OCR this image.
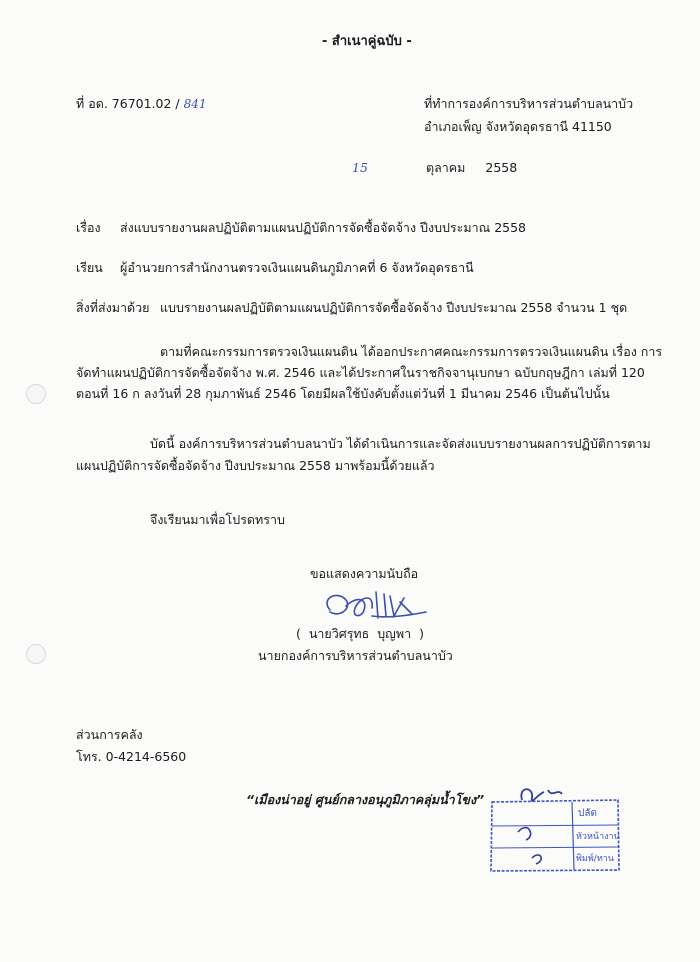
- สำเนาคู่ฉบับ -
ที่ อด. 76701.02 / 841	ที่ทำการองค์การบริหารส่วนตำบลนาบัว
อำเภอเพ็ญ จังหวัดอุดรธานี 41150
15	ตุลาคม 2558
เรื่อง ส่งแบบรายงานผลปฏิบัติตามแผนปฏิบัติการจัดซื้อจัดจ้าง ปีงบประมาณ 2558
เรียน ผู้อำนวยการสำนักงานตรวจเงินแผนดินภูมิภาคที่ 6 จังหวัดอุดรธานี
สิ่งที่ส่งมาด้วย แบบรายงานผลปฏิบัติตามแผนปฏิบัติการจัดซื้อจัดจ้าง ปีงบประมาณ 2558 จำนวน 1 ชุด
ตามที่คณะกรรมการตรวจเงินแผนดิน ได้ออกประกาศคณะกรรมการตรวจเงินแผนดิน เรื่อง การ
จัดทำแผนปฏิบัติการจัดซื้อจัดจ้าง พ.ศ. 2546 และได้ประกาศในราชกิจจานุเบกษา ฉบับกฤษฎีกา เล่มที่ 120
ตอนที่ 16 ก ลงวันที่ 28 กุมภาพันธ์ 2546 โดยมีผลใช้บังคับตั้งแต่วันที่ 1 มีนาคม 2546 เป็นต้นไปนั้น
บัดนี้ องค์การบริหารส่วนตำบลนาบัว ได้ดำเนินการและจัดส่งแบบรายงานผลการปฏิบัติการตาม
แผนปฏิบัติการจัดซื้อจัดจ้าง ปีงบประมาณ 2558 มาพร้อมนี้ด้วยแล้ว
จึงเรียนมาเพื่อโปรดทราบ
ขอแสดงความนับถือ
( นายวิศรุทธ บุญพา )
นายกองค์การบริหารส่วนตำบลนาบัว
ส่วนการคลัง
โทร. 0-4214-6560
“เมืองน่าอยู่ ศูนย์กลางอนุภูมิภาคลุ่มน้ำโขง”
ปลัด
หัวหน้างาน
พิมพ์/ทาน
